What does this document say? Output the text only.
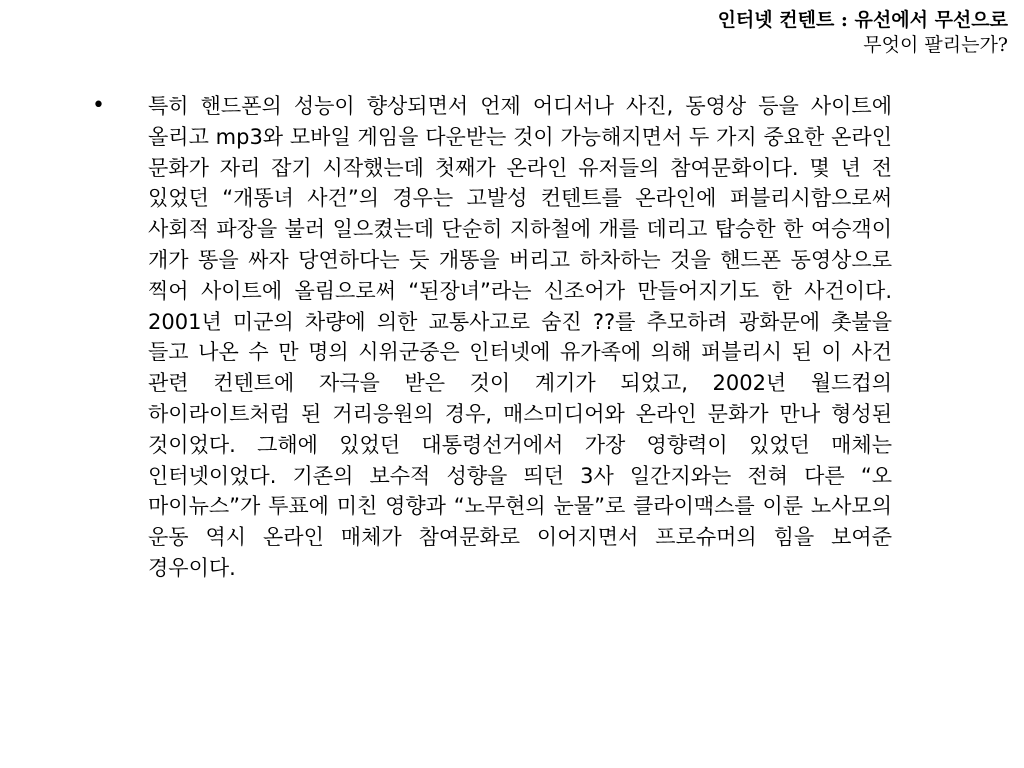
인터넷 컨텐트 : 유선에서 무선으로
무엇이 팔리는가?
• 특히 핸드폰의 성능이 향상되면서 언제 어디서나 사진, 동영상 등을 사이트에 올리고 mp3와 모바일 게임을 다운받는 것이 가능해지면서 두 가지 중요한 온라인 문화가 자리 잡기 시작했는데 첫째가 온라인 유저들의 참여문화이다. 몇 년 전 있었던 “개똥녀 사건”의 경우는 고발성 컨텐트를 온라인에 퍼블리시함으로써 사회적 파장을 불러 일으켰는데 단순히 지하철에 개를 데리고 탑승한 한 여승객이 개가 똥을 싸자 당연하다는 듯 개똥을 버리고 하차하는 것을 핸드폰 동영상으로 찍어 사이트에 올림으로써 “된장녀”라는 신조어가 만들어지기도 한 사건이다. 2001년 미군의 차량에 의한 교통사고로 숨진 ??를 추모하려 광화문에 촛불을 들고 나온 수 만 명의 시위군중은 인터넷에 유가족에 의해 퍼블리시 된 이 사건 관련 컨텐트에 자극을 받은 것이 계기가 되었고, 2002년 월드컵의 하이라이트처럼 된 거리응원의 경우, 매스미디어와 온라인 문화가 만나 형성된 것이었다. 그해에 있었던 대통령선거에서 가장 영향력이 있었던 매체는 인터넷이었다. 기존의 보수적 성향을 띄던 3사 일간지와는 전혀 다른 “오 마이뉴스”가 투표에 미친 영향과 “노무현의 눈물”로 클라이맥스를 이룬 노사모의 운동 역시 온라인 매체가 참여문화로 이어지면서 프로슈머의 힘을 보여준 경우이다.
